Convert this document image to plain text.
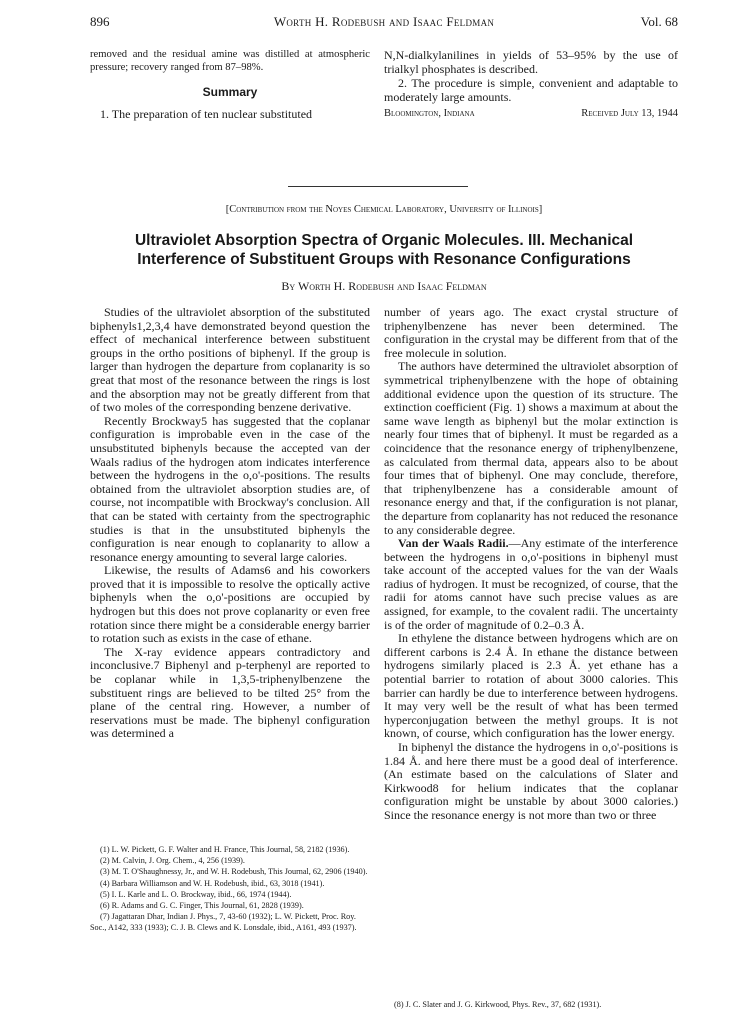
896	Worth H. Rodebush and Isaac Feldman	Vol. 68
removed and the residual amine was distilled at atmospheric pressure; recovery ranged from 87–98%.
Summary
1. The preparation of ten nuclear substituted

N,N-dialkylanilines in yields of 53–95% by the use of trialkyl phosphates is described.

2. The procedure is simple, convenient and adaptable to moderately large amounts.

Bloomington, Indiana	Received July 13, 1944
[Contribution from the Noyes Chemical Laboratory, University of Illinois]
Ultraviolet Absorption Spectra of Organic Molecules. III. Mechanical
Interference of Substituent Groups with Resonance Configurations
By Worth H. Rodebush and Isaac Feldman

Studies of the ultraviolet absorption of the substituted biphenyls1,2,3,4 have demonstrated beyond question the effect of mechanical interference between substituent groups in the ortho positions of biphenyl. If the group is larger than hydrogen the departure from coplanarity is so great that most of the resonance between the rings is lost and the absorption may not be greatly different from that of two moles of the corresponding benzene derivative.

Recently Brockway5 has suggested that the coplanar configuration is improbable even in the case of the unsubstituted biphenyls because the accepted van der Waals radius of the hydrogen atom indicates interference between the hydrogens in the o,o'-positions. The results obtained from the ultraviolet absorption studies are, of course, not incompatible with Brockway's conclusion. All that can be stated with certainty from the spectrographic studies is that in the unsubstituted biphenyls the configuration is near enough to coplanarity to allow a resonance energy amounting to several large calories.

Likewise, the results of Adams6 and his coworkers proved that it is impossible to resolve the optically active biphenyls when the o,o'-positions are occupied by hydrogen but this does not prove coplanarity or even free rotation since there might be a considerable energy barrier to rotation such as exists in the case of ethane.

The X-ray evidence appears contradictory and inconclusive.7 Biphenyl and p-terphenyl are reported to be coplanar while in 1,3,5-triphenylbenzene the substituent rings are believed to be tilted 25° from the plane of the central ring. However, a number of reservations must be made. The biphenyl configuration was determined a

(1) L. W. Pickett, G. F. Walter and H. France, This Journal, 58, 2182 (1936).
(2) M. Calvin, J. Org. Chem., 4, 256 (1939).
(3) M. T. O'Shaughnessy, Jr., and W. H. Rodebush, This Journal, 62, 2906 (1940).
(4) Barbara Williamson and W. H. Rodebush, ibid., 63, 3018 (1941).
(5) I. L. Karle and L. O. Brockway, ibid., 66, 1974 (1944).
(6) R. Adams and G. C. Finger, This Journal, 61, 2828 (1939).
(7) Jagattaran Dhar, Indian J. Phys., 7, 43-60 (1932); L. W. Pickett, Proc. Roy. Soc., A142, 333 (1933); C. J. B. Clews and K. Lonsdale, ibid., A161, 493 (1937).

number of years ago. The exact crystal structure of triphenylbenzene has never been determined. The configuration in the crystal may be different from that of the free molecule in solution.

The authors have determined the ultraviolet absorption of symmetrical triphenylbenzene with the hope of obtaining additional evidence upon the question of its structure. The extinction coefficient (Fig. 1) shows a maximum at about the same wave length as biphenyl but the molar extinction is nearly four times that of biphenyl. It must be regarded as a coincidence that the resonance energy of triphenylbenzene, as calculated from thermal data, appears also to be about four times that of biphenyl. One may conclude, therefore, that triphenylbenzene has a considerable amount of resonance energy and that, if the configuration is not planar, the departure from coplanarity has not reduced the resonance to any considerable degree.

Van der Waals Radii.—Any estimate of the interference between the hydrogens in o,o'-positions in biphenyl must take account of the accepted values for the van der Waals radius of hydrogen. It must be recognized, of course, that the radii for atoms cannot have such precise values as are assigned, for example, to the covalent radii. The uncertainty is of the order of magnitude of 0.2–0.3 Å.

In ethylene the distance between hydrogens which are on different carbons is 2.4 Å. In ethane the distance between hydrogens similarly placed is 2.3 Å. yet ethane has a potential barrier to rotation of about 3000 calories. This barrier can hardly be due to interference between hydrogens. It may very well be the result of what has been termed hyperconjugation between the methyl groups. It is not known, of course, which configuration has the lower energy.

In biphenyl the distance the hydrogens in o,o'-positions is 1.84 Å. and here there must be a good deal of interference. (An estimate based on the calculations of Slater and Kirkwood8 for helium indicates that the coplanar configuration might be unstable by about 3000 calories.) Since the resonance energy is not more than two or three

(8) J. C. Slater and J. G. Kirkwood, Phys. Rev., 37, 682 (1931).
